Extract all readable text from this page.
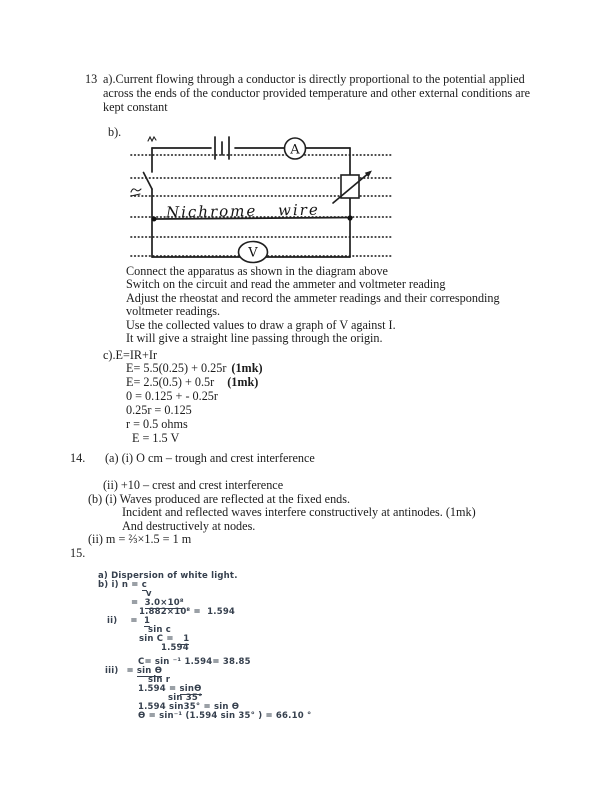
13 a).Current flowing through a conductor is directly proportional to the potential applied
across the ends of the conductor provided temperature and other external conditions are
kept constant
b).
A
V
Nichrome wire
Connect the apparatus as shown in the diagram above
Switch on the circuit and read the ammeter and voltmeter reading
Adjust the rheostat and record the ammeter readings and their corresponding
voltmeter readings.
Use the collected values to draw a graph of V against I.
It will give a straight line passing through the origin.
c).E=IR+Ir
E= 5.5(0.25) + 0.25r (1mk)
E= 2.5(0.5) + 0.5r (1mk)
0 = 0.125 + - 0.25r
0.25r = 0.125
r = 0.5 ohms
E = 1.5 V
14. (a) (i) O cm – trough and crest interference
(ii) +10 – crest and crest interference
(b) (i) Waves produced are reflected at the fixed ends.
Incident and reflected waves interfere constructively at antinodes. (1mk)
And destructively at nodes.
(ii) m = ⅔×1.5 = 1 m
15.
a) Dispersion of white light.
b) i) n = c
v
=  3.0×10⁸
1.882×10⁸ =  1.594
ii) =  1
sin c
sin C =   1
1.594
C= sin ⁻¹ 1.594= 38.85
iii) = sin Ɵ
sin r
1.594 = sinƟ
sin 35°
1.594 sin35° = sin Ɵ
Ɵ = sin⁻¹ (1.594 sin 35° ) = 66.10 °
